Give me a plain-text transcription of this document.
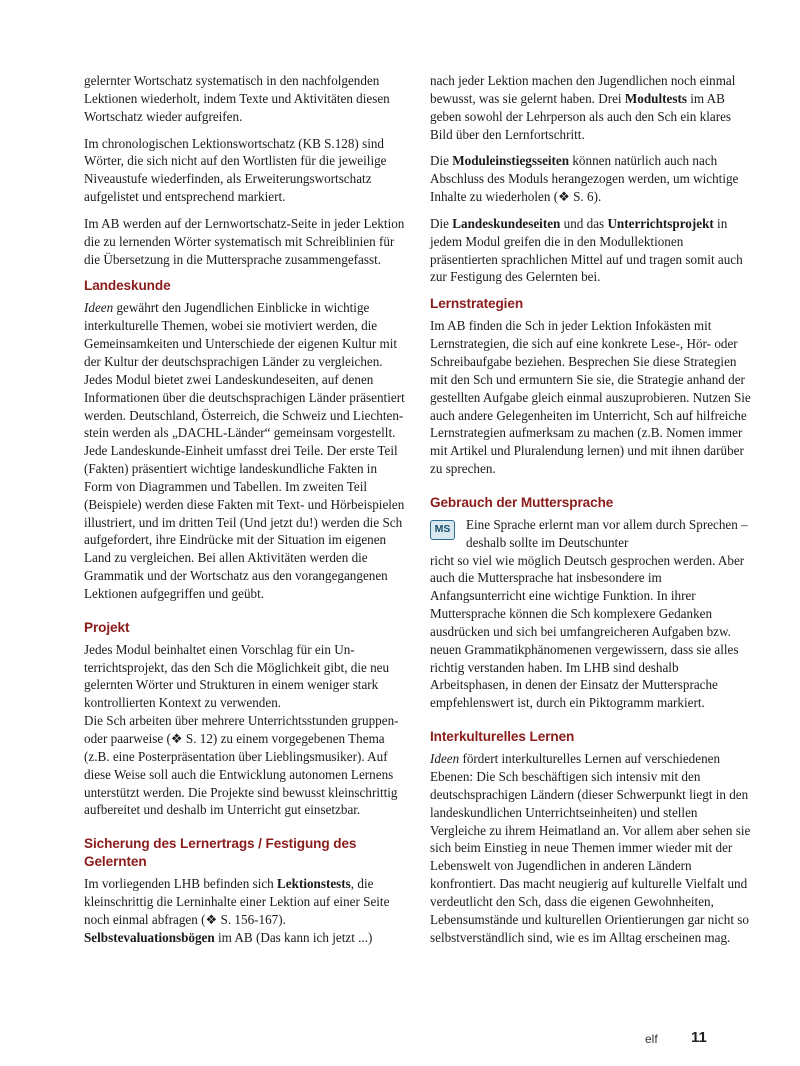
gelernter Wortschatz systematisch in den nachfolgenden Lektionen wiederholt, indem Texte und Aktivitäten diesen Wortschatz wieder aufgreifen.

Im chronologischen Lektionswortschatz (KB S.128) sind Wörter, die sich nicht auf den Wortlisten für die jeweilige Niveaustufe wiederfinden, als Erweiterungswortschatz aufgelistet und entsprechend markiert.

Im AB werden auf der Lernwortschatz-Seite in jeder Lektion die zu lernenden Wörter systematisch mit Schreiblinien für die Übersetzung in die Muttersprache zusammengefasst.

Landeskunde

Ideen gewährt den Jugendlichen Einblicke in wichtige interkulturelle Themen, wobei sie motiviert werden, die Gemeinsamkeiten und Unterschiede der eigenen Kultur mit der Kultur der deutschsprachigen Länder zu vergleichen. Jedes Modul bietet zwei Landeskundeseiten, auf denen Informationen über die deutschsprachigen Länder präsentiert werden. Deutschland, Österreich, die Schweiz und Liechtenstein werden als „DACHL-Länder“ gemeinsam vorgestellt. Jede Landeskunde-Einheit umfasst drei Teile. Der erste Teil (Fakten) präsentiert wichtige landeskundliche Fakten in Form von Diagrammen und Tabellen. Im zweiten Teil (Beispiele) werden diese Fakten mit Text- und Hörbeispielen illustriert, und im dritten Teil (Und jetzt du!) werden die Sch aufgefordert, ihre Eindrücke mit der Situation im eigenen Land zu vergleichen. Bei allen Aktivitäten werden die Grammatik und der Wortschatz aus den vorangegangenen Lektionen aufgegriffen und geübt.

Projekt

Jedes Modul beinhaltet einen Vorschlag für ein Unterrichtsprojekt, das den Sch die Möglichkeit gibt, die neu gelernten Wörter und Strukturen in einem weniger stark kontrollierten Kontext zu verwenden.

Die Sch arbeiten über mehrere Unterrichtsstunden gruppen- oder paarweise (❖ S. 12) zu einem vorgegebenen Thema (z.B. eine Posterpräsentation über Lieblingsmusiker). Auf diese Weise soll auch die Entwicklung autonomen Lernens unterstützt werden. Die Projekte sind bewusst kleinschrittig aufbereitet und deshalb im Unterricht gut einsetzbar.

Sicherung des Lernertrags / Festigung des Gelernten

Im vorliegenden LHB befinden sich Lektionstests, die kleinschrittig die Lerninhalte einer Lektion auf einer Seite noch einmal abfragen (❖ S. 156-167).
Selbstevaluationsbögen im AB (Das kann ich jetzt ...)

nach jeder Lektion machen den Jugendlichen noch einmal bewusst, was sie gelernt haben. Drei Modultests im AB geben sowohl der Lehrperson als auch den Sch ein klares Bild über den Lernfortschritt.

Die Moduleinstiegsseiten können natürlich auch nach Abschluss des Moduls herangezogen werden, um wichtige Inhalte zu wiederholen (❖ S. 6).

Die Landeskundeseiten und das Unterrichtsprojekt in jedem Modul greifen die in den Modullektionen präsentierten sprachlichen Mittel auf und tragen somit auch zur Festigung des Gelernten bei.

Lernstrategien

Im AB finden die Sch in jeder Lektion Infokästen mit Lernstrategien, die sich auf eine konkrete Lese-, Hör- oder Schreibaufgabe beziehen. Besprechen Sie diese Strategien mit den Sch und ermuntern Sie sie, die Strategie anhand der gestellten Aufgabe gleich einmal auszuprobieren. Nutzen Sie auch andere Gelegenheiten im Unterricht, Sch auf hilfreiche Lernstrategien aufmerksam zu machen (z.B. Nomen immer mit Artikel und Pluralendung lernen) und mit ihnen darüber zu sprechen.

Gebrauch der Muttersprache

MS	Eine Sprache erlernt man vor allem durch Sprechen – deshalb sollte im Deutschunter
richt so viel wie möglich Deutsch gesprochen werden. Aber auch die Muttersprache hat insbesondere im Anfangsunterricht eine wichtige Funktion. In ihrer Muttersprache können die Sch komplexere Gedanken ausdrücken und sich bei umfangreicheren Aufgaben bzw. neuen Grammatikphänomenen vergewissern, dass sie alles richtig verstanden haben. Im LHB sind deshalb Arbeitsphasen, in denen der Einsatz der Muttersprache empfehlenswert ist, durch ein Piktogramm markiert.

Interkulturelles Lernen

Ideen fördert interkulturelles Lernen auf verschiedenen Ebenen: Die Sch beschäftigen sich intensiv mit den deutschsprachigen Ländern (dieser Schwerpunkt liegt in den landeskundlichen Unterrichtseinheiten) und stellen Vergleiche zu ihrem Heimatland an. Vor allem aber sehen sie sich beim Einstieg in neue Themen immer wieder mit der Lebenswelt von Jugendlichen in anderen Ländern konfrontiert. Das macht neugierig auf kulturelle Vielfalt und verdeutlicht den Sch, dass die eigenen Gewohnheiten, Lebensumstände und kulturellen Orientierungen gar nicht so selbstverständlich sind, wie es im Alltag erscheinen mag.

elf 11
